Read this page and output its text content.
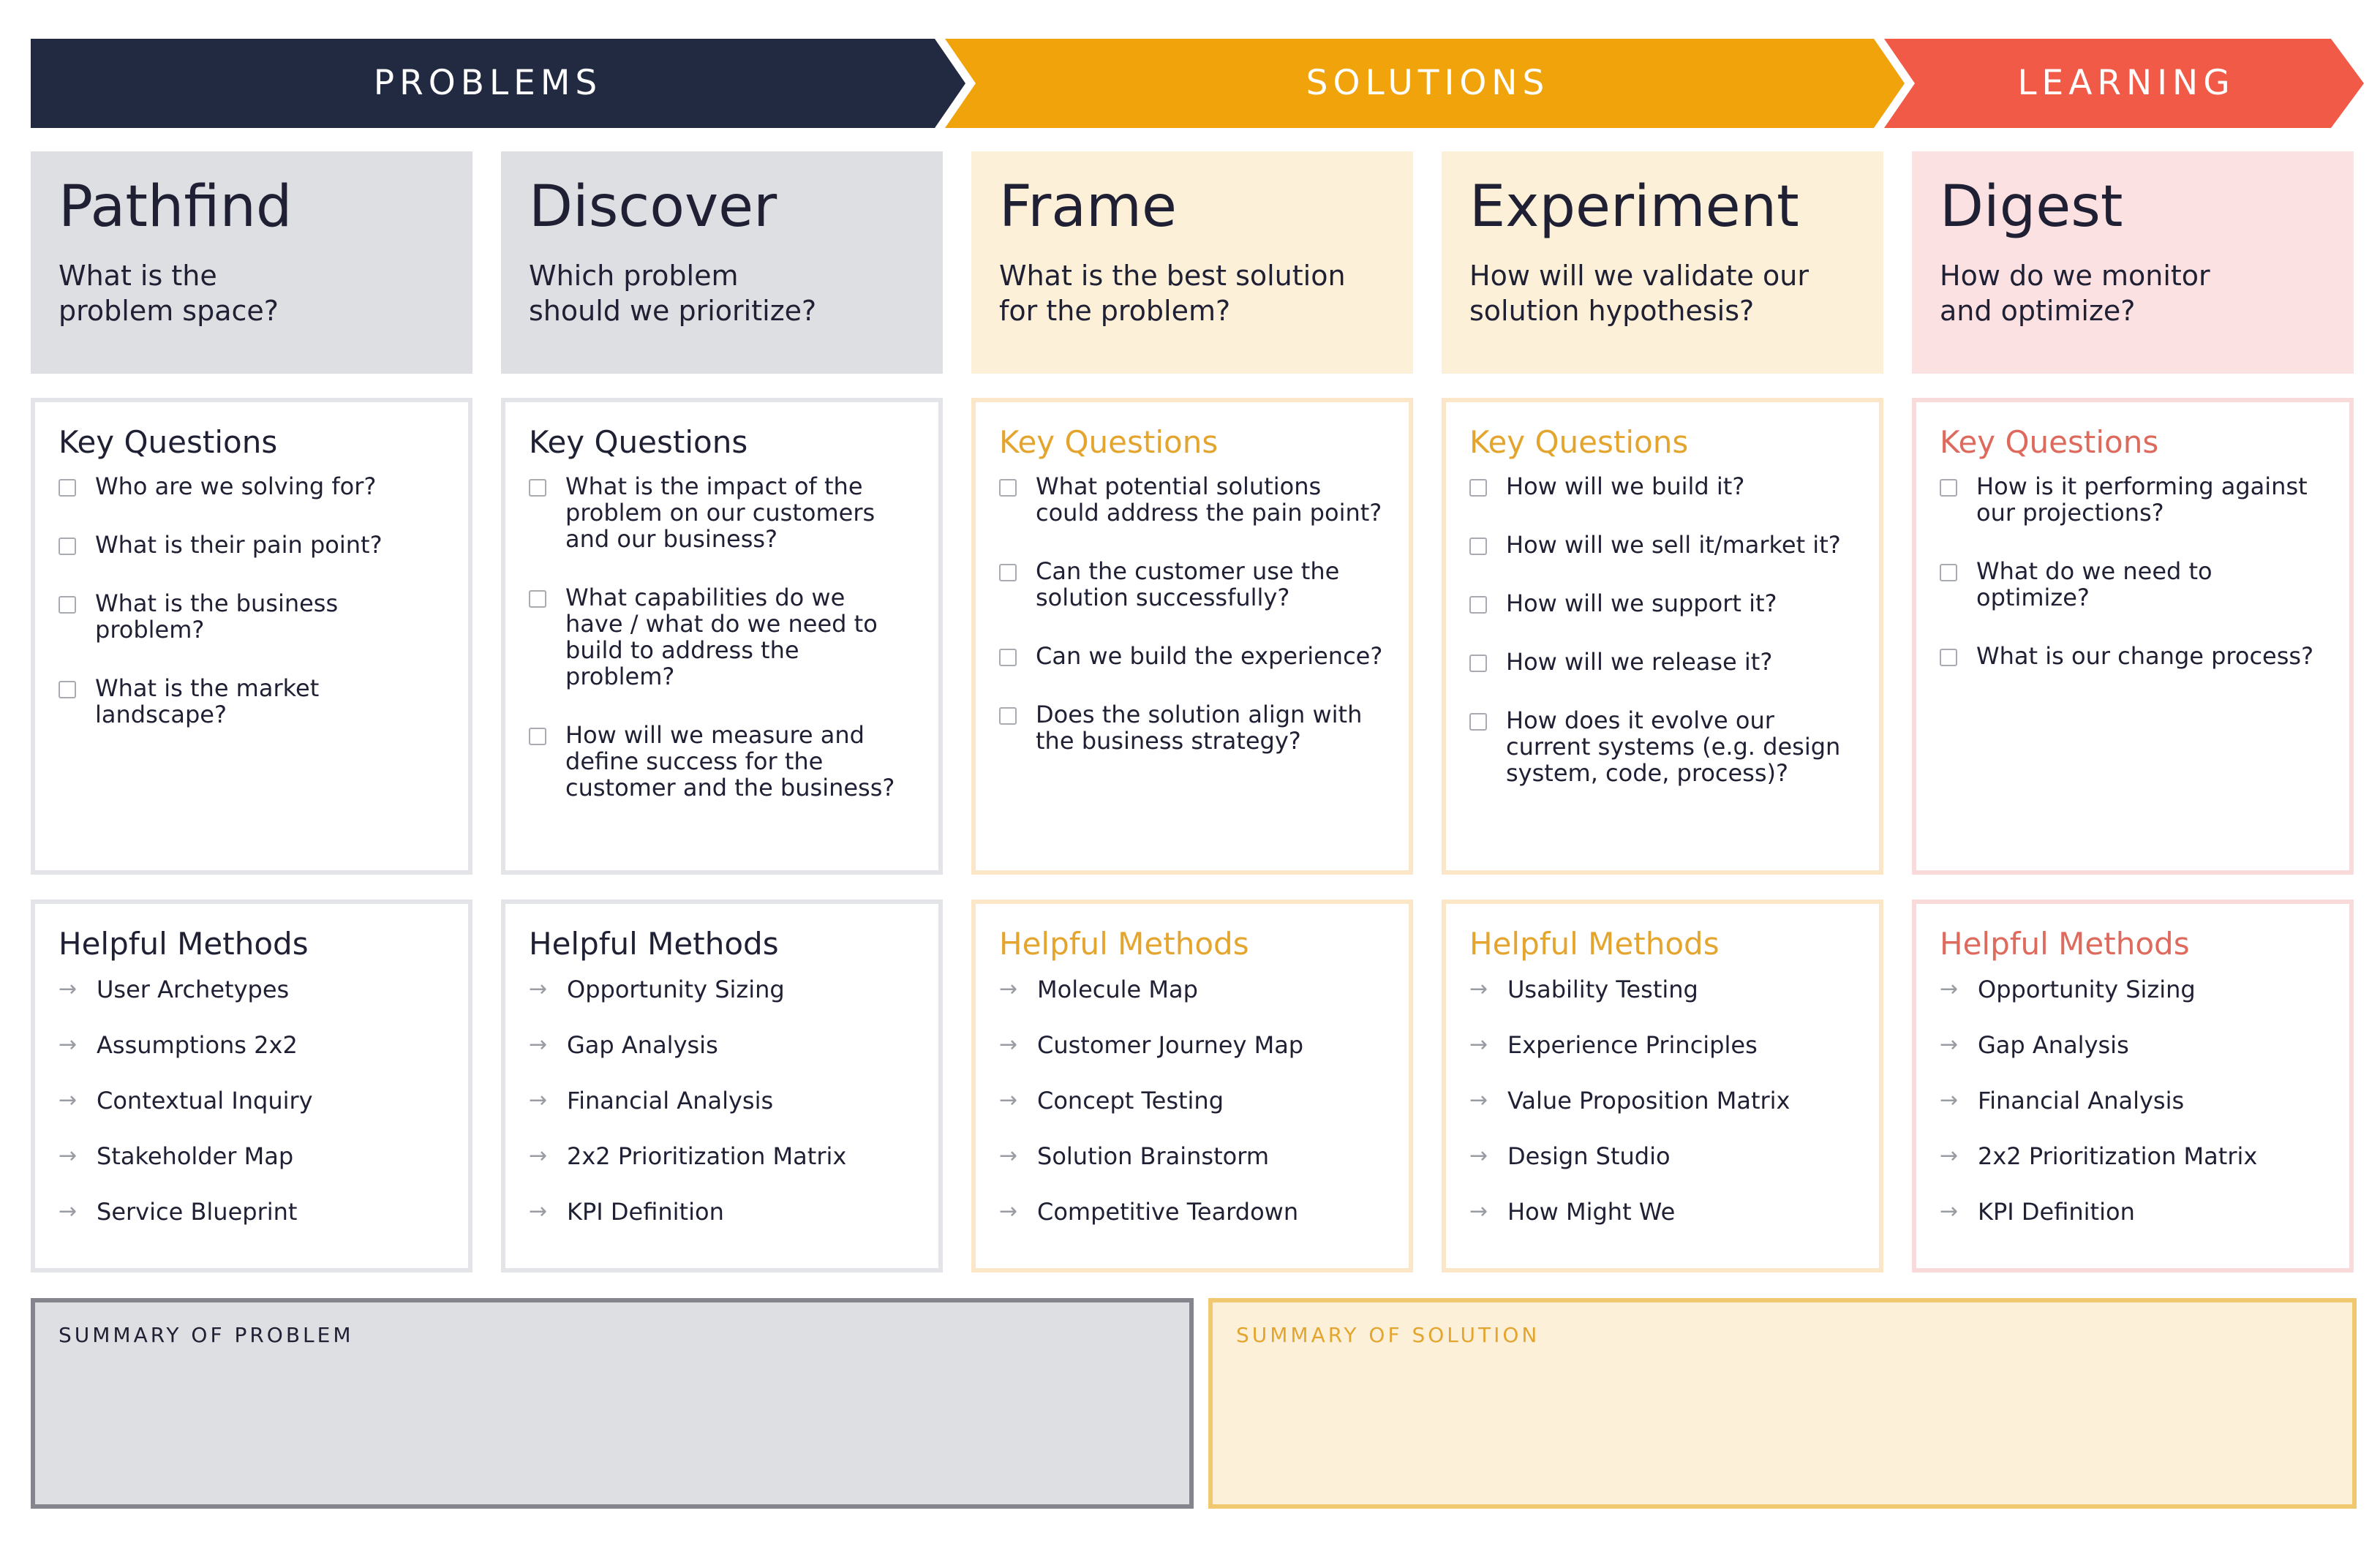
PROBLEMS	SOLUTIONS	LEARNING
Pathfind
What is the
problem space?
Key Questions
Who are we solving for?
What is their pain point?
What is the business
problem?
What is the market
landscape?
Helpful Methods
→ User Archetypes
→ Assumptions 2x2
→ Contextual Inquiry
→ Stakeholder Map
→ Service Blueprint
Discover
Which problem
should we prioritize?
Key Questions
What is the impact of the
problem on our customers
and our business?
What capabilities do we
have / what do we need to
build to address the
problem?
How will we measure and
define success for the
customer and the business?
Helpful Methods
→ Opportunity Sizing
→ Gap Analysis
→ Financial Analysis
→ 2x2 Prioritization Matrix
→ KPI Definition
Frame
What is the best solution
for the problem?
Key Questions
What potential solutions
could address the pain point?
Can the customer use the
solution successfully?
Can we build the experience?
Does the solution align with
the business strategy?
Helpful Methods
→ Molecule Map
→ Customer Journey Map
→ Concept Testing
→ Solution Brainstorm
→ Competitive Teardown
Experiment
How will we validate our
solution hypothesis?
Key Questions
How will we build it?
How will we sell it/market it?
How will we support it?
How will we release it?
How does it evolve our
current systems (e.g. design
system, code, process)?
Helpful Methods
→ Usability Testing
→ Experience Principles
→ Value Proposition Matrix
→ Design Studio
→ How Might We
Digest
How do we monitor
and optimize?
Key Questions
How is it performing against
our projections?
What do we need to
optimize?
What is our change process?
Helpful Methods
→ Opportunity Sizing
→ Gap Analysis
→ Financial Analysis
→ 2x2 Prioritization Matrix
→ KPI Definition
SUMMARY OF PROBLEM	SUMMARY OF SOLUTION
